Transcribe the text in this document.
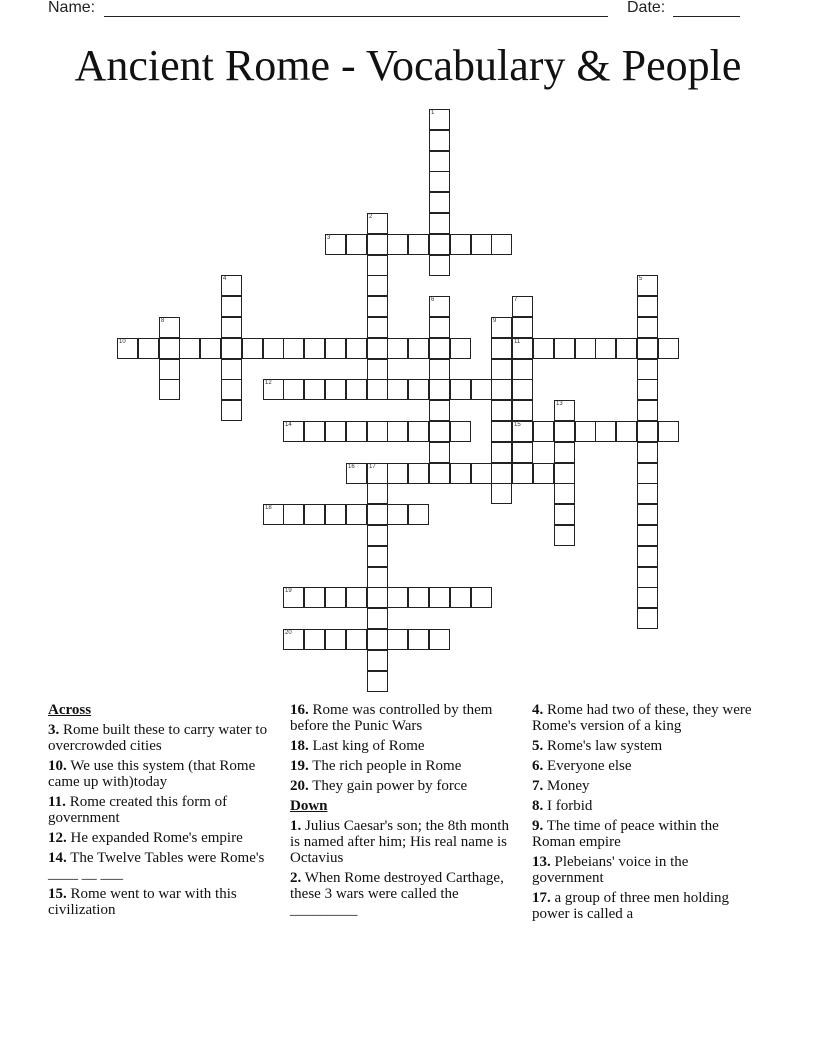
Name:	Date:
Ancient Rome - Vocabulary & People
1
2
3
4	5
6	7
11
15
8	9
10
12
13
14
16 17
18
19
20
Across
3. Rome built these to carry water to overcrowded cities
10. We use this system (that Rome came up with)today
11. Rome created this form of government
12. He expanded Rome's empire
14. The Twelve Tables were Rome's ____ __ ___
15. Rome went to war with this civilization
16. Rome was controlled by them before the Punic Wars
18. Last king of Rome
19. The rich people in Rome
20. They gain power by force
Down
1. Julius Caesar's son; the 8th month is named after him; His real name is Octavius
2. When Rome destroyed Carthage, these 3 wars were called the _________
4. Rome had two of these, they were Rome's version of a king
5. Rome's law system
6. Everyone else
7. Money
8. I forbid
9. The time of peace within the Roman empire
13. Plebeians' voice in the government
17. a group of three men holding power is called a
